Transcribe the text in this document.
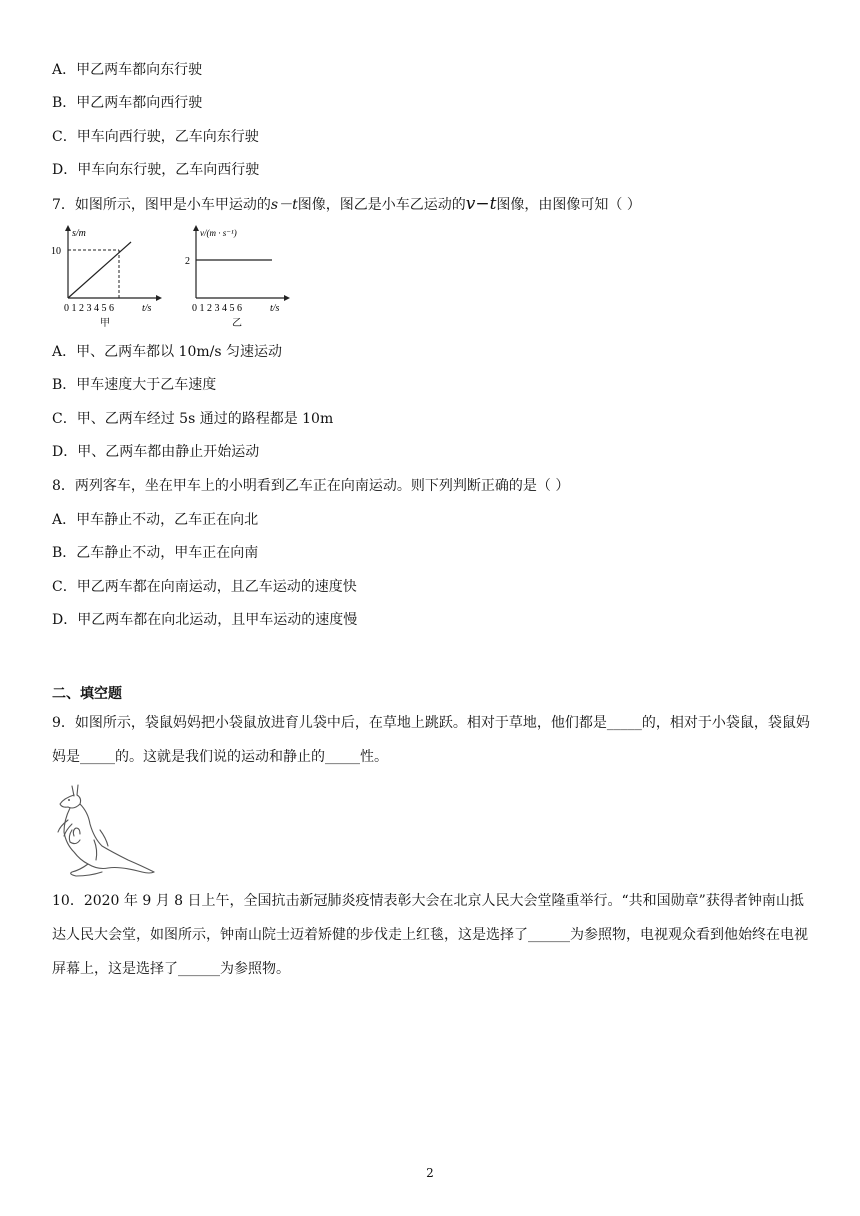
A．甲乙两车都向东行驶
B．甲乙两车都向西行驶
C．甲车向西行驶，乙车向东行驶
D．甲车向东行驶，乙车向西行驶
7．如图所示，图甲是小车甲运动的s－t图像，图乙是小车乙运动的v−t图像，由图像可知（ ）
s/m
10
0 1 2 3 4 5 6	t/s
甲
v/(m · s⁻¹)
2
0 1 2 3 4 5 6	t/s
乙
A．甲、乙两车都以 10m/s 匀速运动
B．甲车速度大于乙车速度
C．甲、乙两车经过 5s 通过的路程都是 10m
D．甲、乙两车都由静止开始运动
8．两列客车，坐在甲车上的小明看到乙车正在向南运动。则下列判断正确的是（ ）
A．甲车静止不动，乙车正在向北
B．乙车静止不动，甲车正在向南
C．甲乙两车都在向南运动，且乙车运动的速度快
D．甲乙两车都在向北运动，且甲车运动的速度慢
二、填空题
9．如图所示，袋鼠妈妈把小袋鼠放进育儿袋中后，在草地上跳跃。相对于草地，他们都是_____的，相对于小袋鼠，袋鼠妈妈是_____的。这就是我们说的运动和静止的_____性。
10．2020 年 9 月 8 日上午，全国抗击新冠肺炎疫情表彰大会在北京人民大会堂隆重举行。“共和国勋章”获得者钟南山抵达人民大会堂，如图所示，钟南山院士迈着矫健的步伐走上红毯，这是选择了______为参照物，电视观众看到他始终在电视屏幕上，这是选择了______为参照物。
2
